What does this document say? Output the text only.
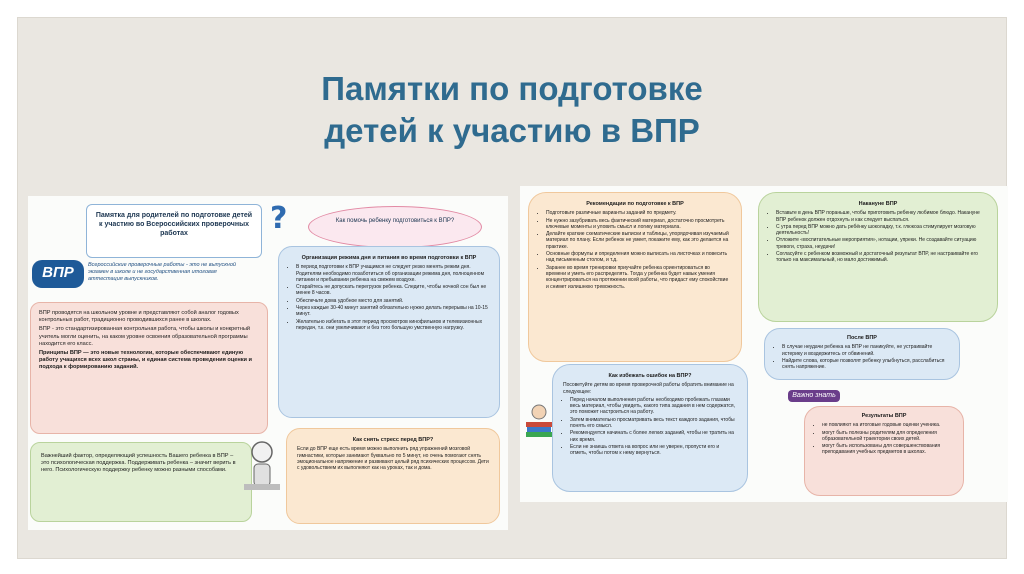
Памятки по подготовке
детей к участию в ВПР
Памятка для родителей по подготовке детей к участию во Всероссийских проверочных работах	?	Как помочь ребенку подготовиться к ВПР?
ВПР	Всероссийские проверочные работы - это не выпускной экзамен в школе и не государственная итоговая аттестация выпускников.

ВПР проводятся на школьном уровне и представляют собой аналог годовых контрольных работ, традиционно проводившихся ранее в школах.

ВПР - это стандартизированная контрольная работа, чтобы школы и конкретный учитель могли оценить, на каком уровне освоения образовательной программы находится его класс.

Принципы ВПР — это новые технологии, которые обеспечивают единую работу учащихся всех школ страны, и единая система проведения оценки и подхода к формированию заданий.

Организация режима дня и питания во время подготовки к ВПР
• В период подготовки к ВПР учащимся не следует резко менять режим дня. Родителям необходимо позаботиться об организации режима дня, полноценном питании и пребывании ребенка на свежем воздухе.
• Старайтесь не допускать перегрузок ребенка. Следите, чтобы ночной сон был не менее 8 часов.
• Обеспечьте дома удобное место для занятий.
• Через каждые 30-40 минут занятий обязательно нужно делать перерывы на 10-15 минут.
• Желательно избегать в этот период просмотров кинофильмов и телевизионных передач, т.к. они увеличивают и без того большую умственную нагрузку.
Важнейший фактор, определяющий успешность Вашего ребенка в ВПР – это психологическая поддержка. Поддерживать ребенка – значит верить в него. Психологическую поддержку ребенку можно разными способами.
Как снять стресс перед ВПР?
Если до ВПР еще есть время можно выполнить ряд упражнений мозговой гимнастики, которые занимают буквально по 5 минут, но очень помогают снять эмоциональное напряжение и развивают целый ряд психических процессов. Дети с удовольствием их выполняют как на уроках, так и дома.
Рекомендации по подготовке к ВПР
• Подготовьте различные варианты заданий по предмету.
• Не нужно зазубривать весь фактический материал, достаточно просмотреть ключевые моменты и уловить смысл и логику материала.
• Делайте краткие схематические выписки и таблицы, упорядочивая изучаемый материал по плану. Если ребенок не умеет, покажите ему, как это делается на практике.
• Основные формулы и определения можно выписать на листочках и повесить над письменным столом, и т.д.
• Заранее во время тренировки приучайте ребенка ориентироваться во времени и уметь его распределять. Тогда у ребенка будет навык умения концентрироваться на протяжении всей работы, что придаст ему спокойствие и снимет излишнюю тревожность.
Накануне ВПР
• Вставьте в день ВПР пораньше, чтобы приготовить ребенку любимое блюдо. Накануне ВПР ребенок должен отдохнуть и как следует выспаться.
• С утра перед ВПР можно дать ребёнку шоколадку, т.к. глюкоза стимулирует мозговую деятельность!
• Отложите «воспитательные мероприятия», нотации, упреки. Не создавайте ситуацию тревоги, страха, неудачи!
• Согласуйте с ребенком возможный и достаточный результат ВПР, не настраивайте его только на максимальный, но мало достижимый.
Как избежать ошибок на ВПР?

Посоветуйте детям во время проверочной работы обратить внимание на следующее:

• Перед началом выполнения работы необходимо пробежать глазами весь материал, чтобы увидеть, какого типа задания в нем содержатся, это поможет настроиться на работу.
• Затем внимательно просматривать весь текст каждого задания, чтобы понять его смысл.
• Рекомендуется начинать с более легких заданий, чтобы не тратить на них время.
• Если не знаешь ответа на вопрос или не уверен, пропусти его и отметь, чтобы потом к нему вернуться.
После ВПР
• В случае неудачи ребенка на ВПР не паникуйте, не устраивайте истерику и воздержитесь от обвинений.
• Найдите слова, которые позволят ребенку улыбнуться, расслабиться снять напряжение.
Важно знать
Результаты ВПР
• не повлияют на итоговые годовые оценки ученика.
• могут быть полезны родителям для определения образовательной траектории своих детей.
• могут быть использованы для совершенствования преподавания учебных предметов в школах.
